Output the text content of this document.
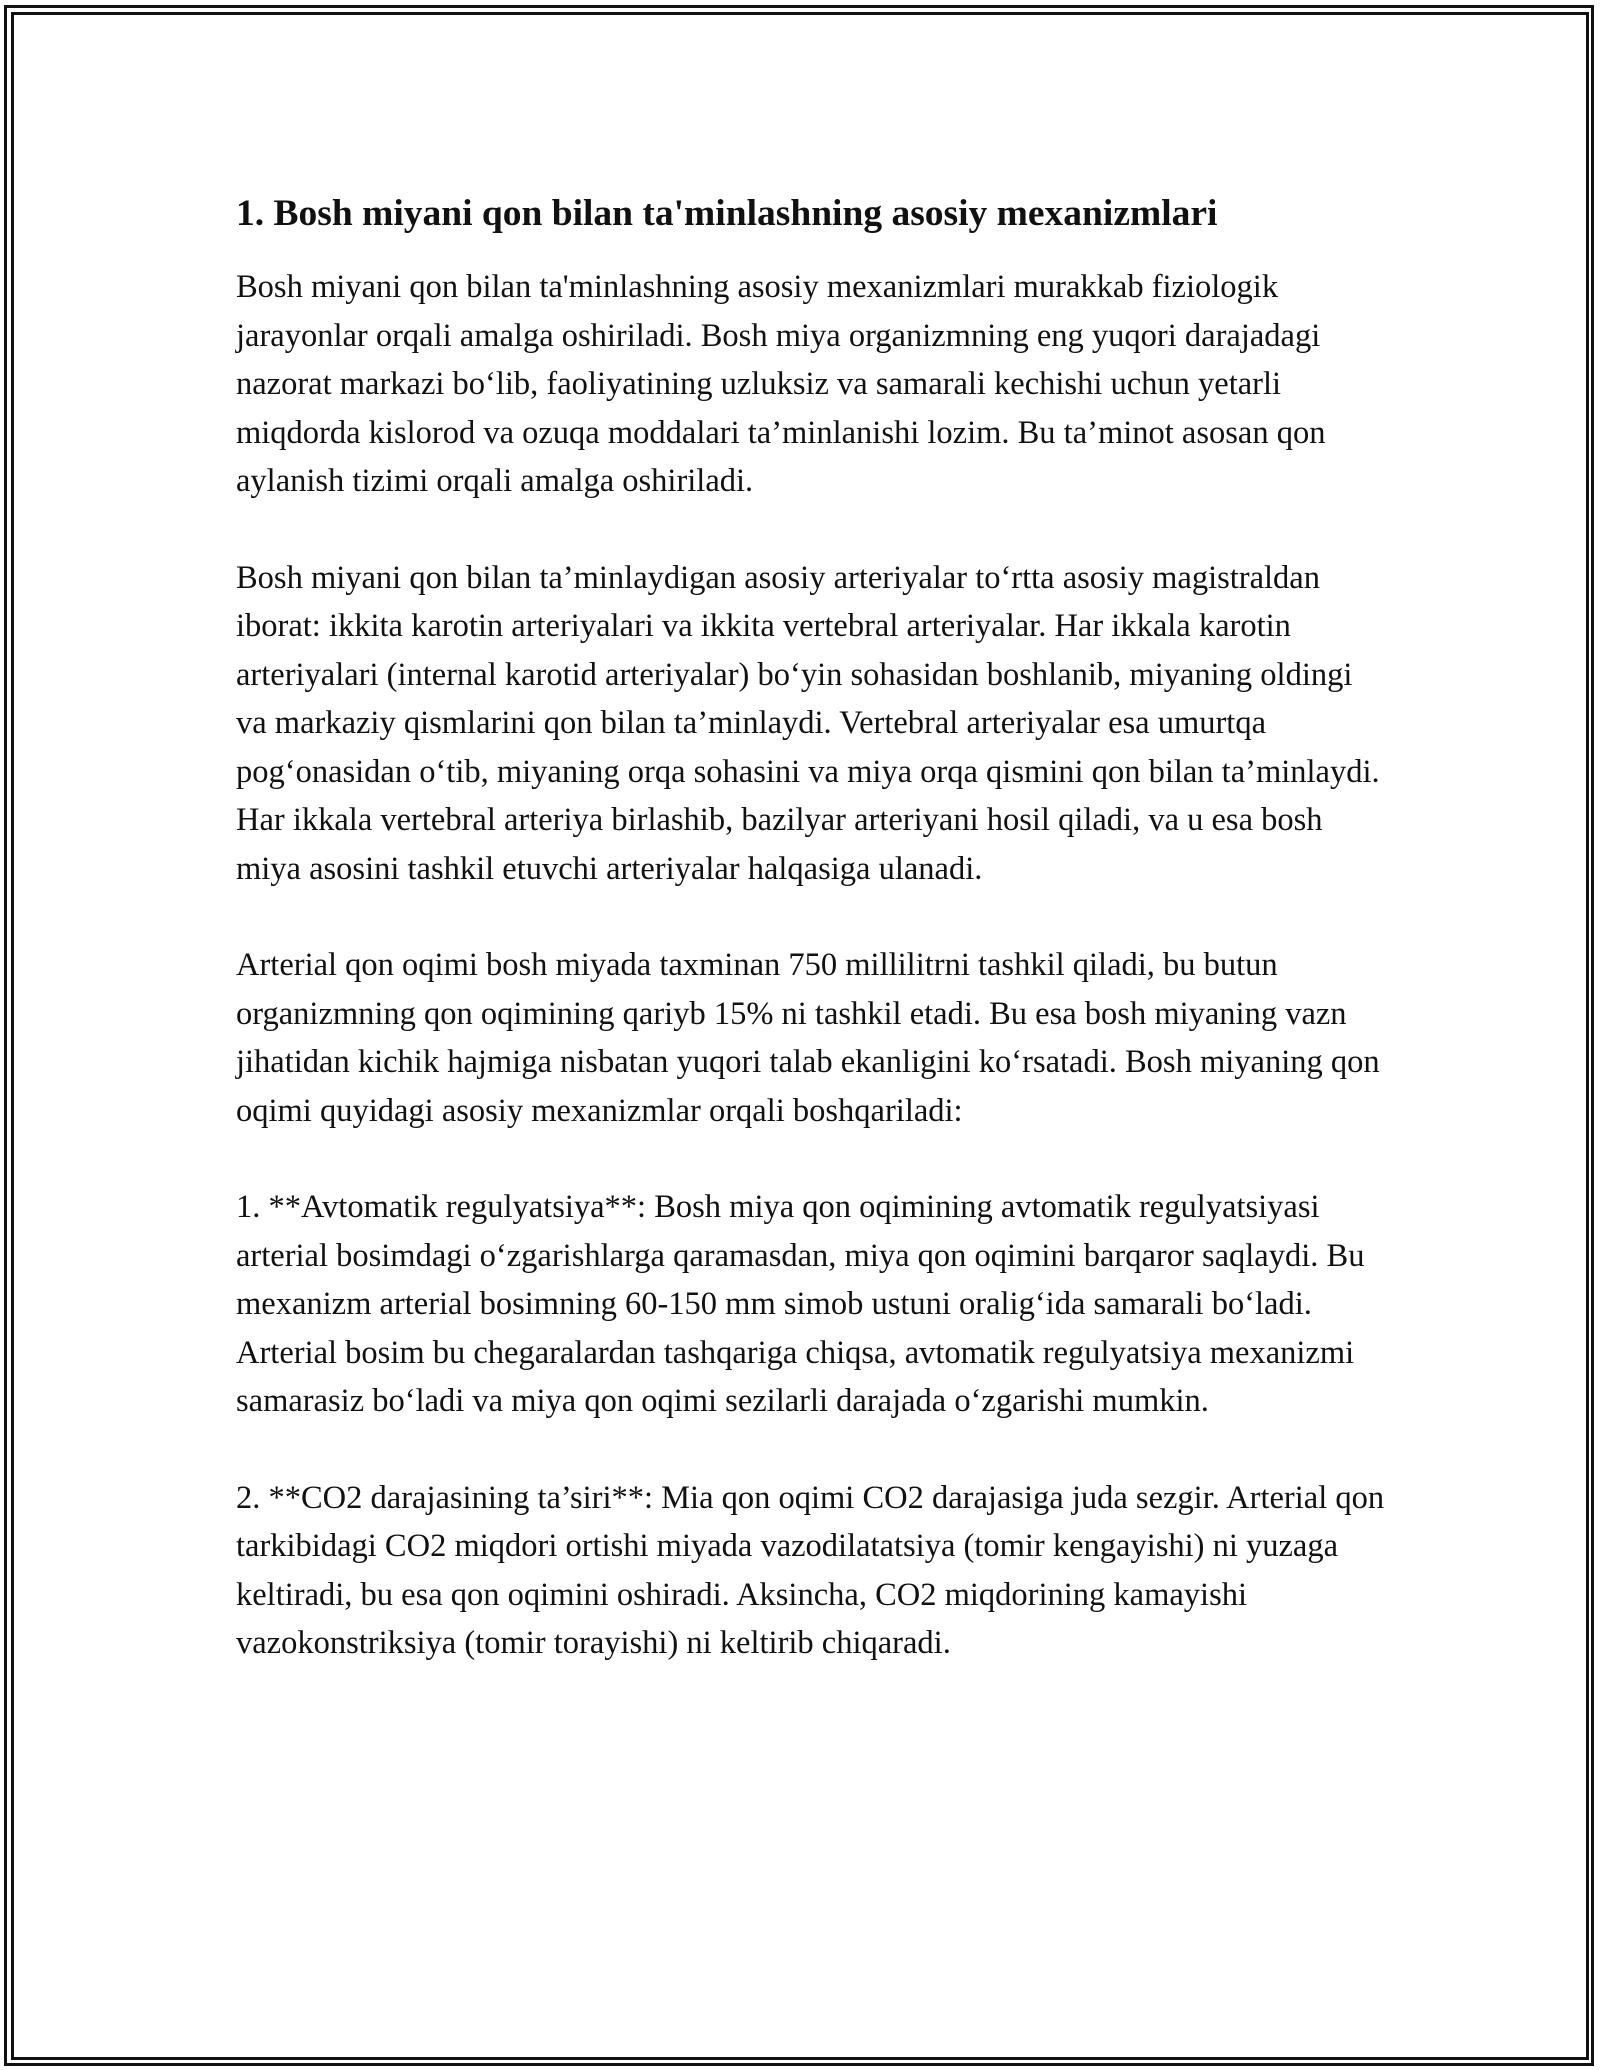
1. Bosh miyani qon bilan ta'minlashning asosiy mexanizmlari

Bosh miyani qon bilan ta'minlashning asosiy mexanizmlari murakkab fiziologik jarayonlar orqali amalga oshiriladi. Bosh miya organizmning eng yuqori darajadagi nazorat markazi bo‘lib, faoliyatining uzluksiz va samarali kechishi uchun yetarli miqdorda kislorod va ozuqa moddalari ta’minlanishi lozim. Bu ta’minot asosan qon aylanish tizimi orqali amalga oshiriladi.

Bosh miyani qon bilan ta’minlaydigan asosiy arteriyalar to‘rtta asosiy magistraldan iborat: ikkita karotin arteriyalari va ikkita vertebral arteriyalar. Har ikkala karotin arteriyalari (internal karotid arteriyalar) bo‘yin sohasidan boshlanib, miyaning oldingi va markaziy qismlarini qon bilan ta’minlaydi. Vertebral arteriyalar esa umurtqa pog‘onasidan o‘tib, miyaning orqa sohasini va miya orqa qismini qon bilan ta’minlaydi. Har ikkala vertebral arteriya birlashib, bazilyar arteriyani hosil qiladi, va u esa bosh miya asosini tashkil etuvchi arteriyalar halqasiga ulanadi.

Arterial qon oqimi bosh miyada taxminan 750 millilitrni tashkil qiladi, bu butun organizmning qon oqimining qariyb 15% ni tashkil etadi. Bu esa bosh miyaning vazn jihatidan kichik hajmiga nisbatan yuqori talab ekanligini ko‘rsatadi. Bosh miyaning qon oqimi quyidagi asosiy mexanizmlar orqali boshqariladi:

1. **Avtomatik regulyatsiya**: Bosh miya qon oqimining avtomatik regulyatsiyasi arterial bosimdagi o‘zgarishlarga qaramasdan, miya qon oqimini barqaror saqlaydi. Bu mexanizm arterial bosimning 60-150 mm simob ustuni oralig‘ida samarali bo‘ladi. Arterial bosim bu chegaralardan tashqariga chiqsa, avtomatik regulyatsiya mexanizmi samarasiz bo‘ladi va miya qon oqimi sezilarli darajada o‘zgarishi mumkin.

2. **CO2 darajasining ta’siri**: Mia qon oqimi CO2 darajasiga juda sezgir. Arterial qon tarkibidagi CO2 miqdori ortishi miyada vazodilatatsiya (tomir kengayishi) ni yuzaga keltiradi, bu esa qon oqimini oshiradi. Aksincha, CO2 miqdorining kamayishi vazokonstriksiya (tomir torayishi) ni keltirib chiqaradi.
